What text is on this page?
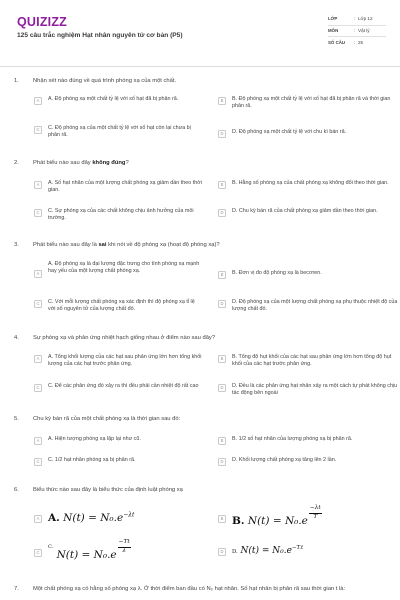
QUIZIZZ
125 câu trắc nghiệm Hạt nhân nguyên tử cơ bản (P5)
LỚP	: Lớp 12
MÔN	: Vật lý
SỐ CÂU	: 25
1.	Nhận xét nào đúng về quá trình phóng xạ của một chất.
A	A. Độ phóng xạ một chất tỷ lệ với số hạt đã bị phân rã.	B	B. Độ phóng xạ một chất tỷ lệ với số hạt đã bị phân rã và thời gian phân rã.
C	C. Độ phóng xạ của một chất tỷ lệ với số hạt còn lại chưa bị phân rã.	D	D. Độ phóng xạ một chất tỷ lệ với chu kì bán rã.
2.	Phát biểu nào sau đây không đúng?
A	A. Số hạt nhân của một lượng chất phóng xạ giảm dần theo thời gian.
B	B. Hằng số phóng xạ của chất phóng xạ không đổi theo thời gian.
C	C. Sự phóng xạ của các chất không chịu ảnh hưởng của môi trường.
D	D. Chu kỳ bán rã của chất phóng xạ giảm dần theo thời gian.
3.	Phát biểu nào sau đây là sai khi nói về độ phóng xạ (hoạt độ phóng xạ)?
A
A. Độ phóng xạ là đại lượng đặc trưng cho tính phóng xạ mạnh hay yếu của một lượng chất phóng xạ.
B	B. Đơn vị đo độ phóng xạ là becơren.
C	C. Với mỗi lượng chất phóng xạ xác định thì độ phóng xạ tỉ lệ với số nguyên tử của lượng chất đó.
D	D. Độ phóng xạ của một lượng chất phóng xạ phụ thuộc nhiệt độ của lượng chất đó.
4.	Sự phóng xạ và phản ứng nhiệt hạch giống nhau ở điểm nào sau đây?
A	A. Tổng khối lượng của các hạt sau phản ứng lớn hơn tổng khối lượng của các hạt trước phản ứng.
B	B. Tổng độ hụt khối của các hạt sau phản ứng lớn hơn tổng độ hụt khối của các hạt trước phản ứng.
C	C. Để các phản ứng đó xảy ra thì đều phải cần nhiệt độ rất cao	D	D. Đều là các phản ứng hạt nhân xảy ra một cách tự phát không chịu tác động bên ngoài
5.	Chu kỳ bán rã của một chất phóng xạ là thời gian sau đó:
A	A. Hiện tượng phóng xạ lặp lại như cũ.	B	B. 1/2 số hạt nhân của lượng phóng xạ bị phân rã.
C	C. 1/2 hạt nhân phóng xạ bị phân rã.	D	D. Khối lượng chất phóng xạ tăng lên 2 lần.
6.	Biểu thức nào sau đây là biểu thức của định luật phóng xạ
A A. $N(t) = N_0.e^{-\lambda t}$
B B.
N(t) = N₀.e
−λt
T
C
C.

N(t) = N₀.e
−Tt
λ	D	D. $N(t) = N_0.e^{-T.t}$
7.	Một chất phóng xạ có hằng số phóng xạ λ. Ở thời điểm ban đầu có N₀ hạt nhân. Số hạt nhân bị phân rã sau thời gian t là:
